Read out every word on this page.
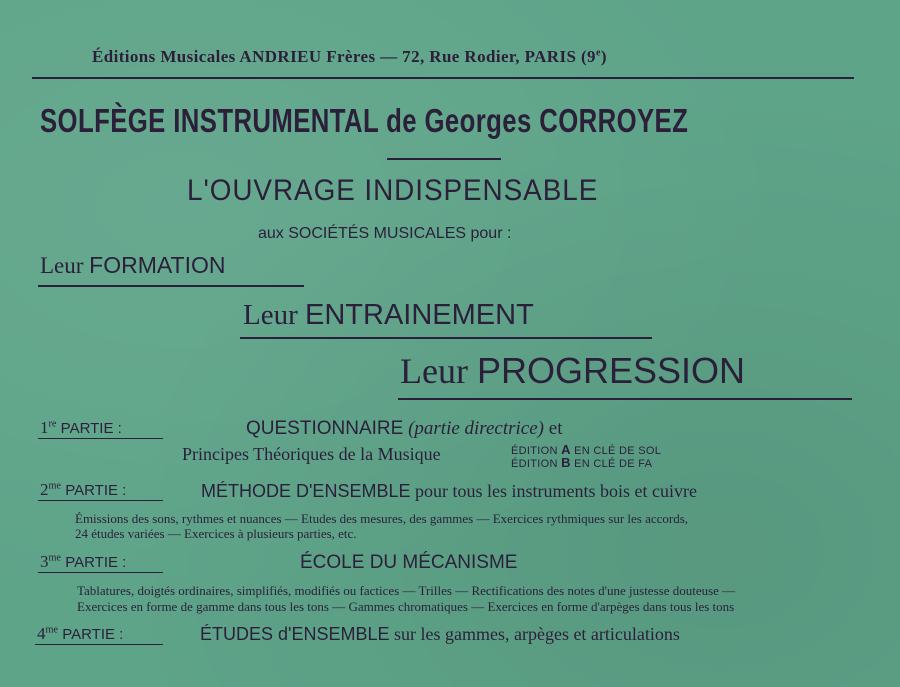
Éditions Musicales ANDRIEU Frères — 72, Rue Rodier, PARIS (9e)
SOLFÈGE INSTRUMENTAL de Georges CORROYEZ
L'OUVRAGE INDISPENSABLE
aux SOCIÉTÉS MUSICALES pour :
Leur FORMATION
Leur ENTRAINEMENT
Leur PROGRESSION
1re PARTIE :	QUESTIONNAIRE (partie directrice) et
Principes Théoriques de la Musique	ÉDITION A EN CLÉ DE SOL
ÉDITION B EN CLÉ DE FA
$2^{me}$ PARTIE :	MÉTHODE D'ENSEMBLE pour tous les instruments bois et cuivre
Émissions des sons, rythmes et nuances — Etudes des mesures, des gammes — Exercices rythmiques sur les accords,
24 études variées — Exercices à plusieurs parties, etc.
$3^{me}$ PARTIE :	ÉCOLE DU MÉCANISME
Tablatures, doigtés ordinaires, simplifiés, modifiés ou factices — Trilles — Rectifications des notes d'une justesse douteuse —
Exercices en forme de gamme dans tous les tons — Gammes chromatiques — Exercices en forme d'arpèges dans tous les tons
$4^{me}$ PARTIE :	ÉTUDES d'ENSEMBLE sur les gammes, arpèges et articulations
